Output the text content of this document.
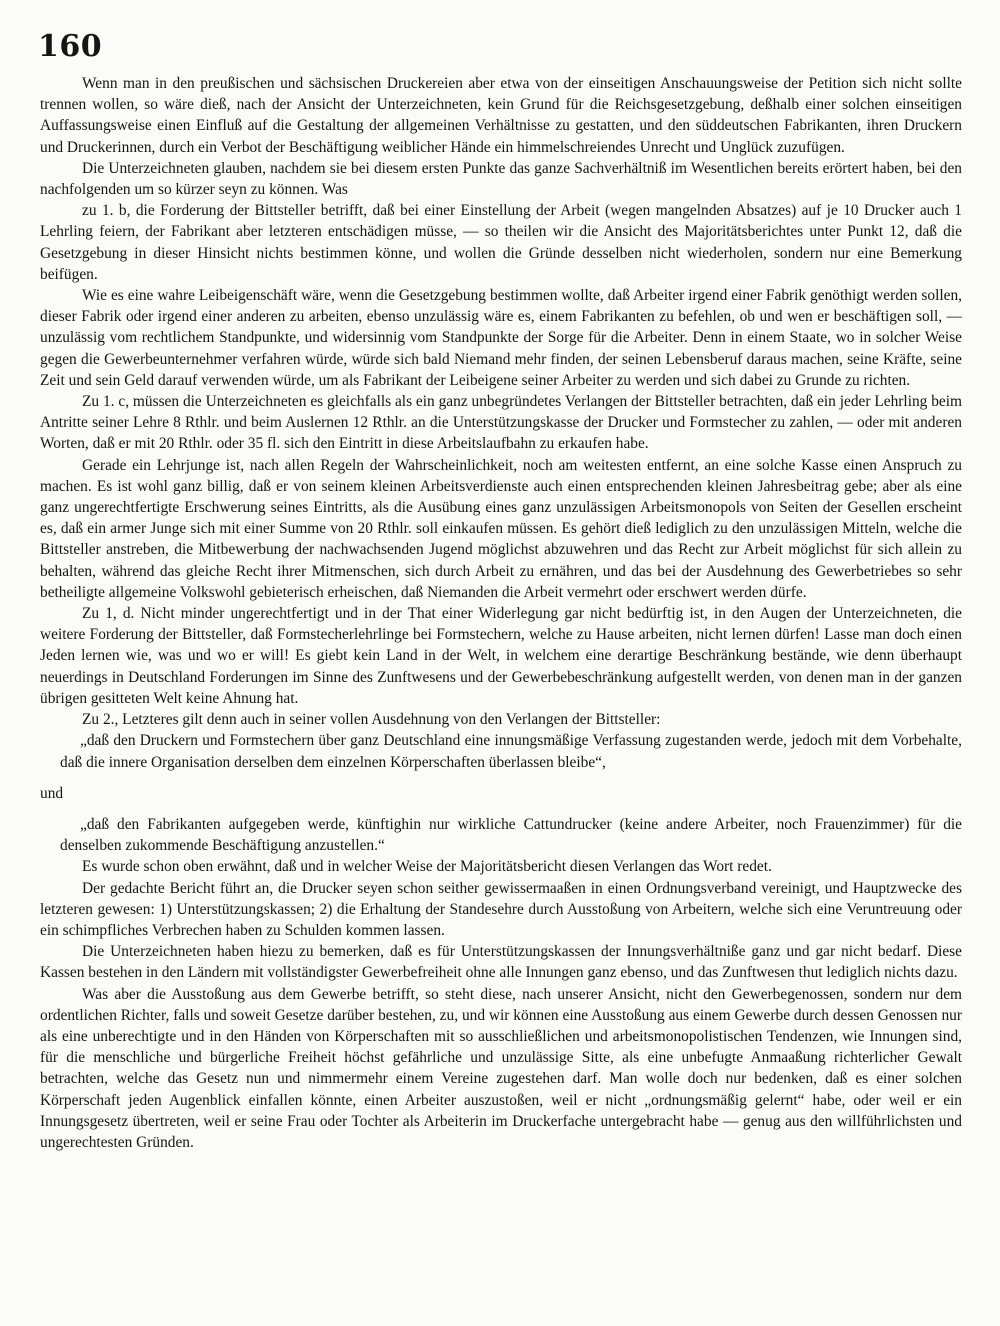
160

Wenn man in den preußischen und sächsischen Druckereien aber etwa von der einseitigen Anschauungsweise der Petition sich nicht sollte trennen wollen, so wäre dieß, nach der Ansicht der Unterzeichneten, kein Grund für die Reichsgesetzgebung, deßhalb einer solchen einseitigen Auffassungsweise einen Einfluß auf die Gestaltung der allgemeinen Verhältnisse zu gestatten, und den süddeutschen Fabrikanten, ihren Druckern und Druckerinnen, durch ein Verbot der Beschäftigung weiblicher Hände ein himmelschreiendes Unrecht und Unglück zuzufügen.

Die Unterzeichneten glauben, nachdem sie bei diesem ersten Punkte das ganze Sachverhältniß im Wesentlichen bereits erörtert haben, bei den nachfolgenden um so kürzer seyn zu können. Was

zu 1. b, die Forderung der Bittsteller betrifft, daß bei einer Einstellung der Arbeit (wegen mangelnden Absatzes) auf je 10 Drucker auch 1 Lehrling feiern, der Fabrikant aber letzteren entschädigen müsse, — so theilen wir die Ansicht des Majoritätsberichtes unter Punkt 12, daß die Gesetzgebung in dieser Hinsicht nichts bestimmen könne, und wollen die Gründe desselben nicht wiederholen, sondern nur eine Bemerkung beifügen.

Wie es eine wahre Leibeigenschäft wäre, wenn die Gesetzgebung bestimmen wollte, daß Arbeiter irgend einer Fabrik genöthigt werden sollen, dieser Fabrik oder irgend einer anderen zu arbeiten, ebenso unzulässig wäre es, einem Fabrikanten zu befehlen, ob und wen er beschäftigen soll, — unzulässig vom rechtlichem Standpunkte, und widersinnig vom Standpunkte der Sorge für die Arbeiter. Denn in einem Staate, wo in solcher Weise gegen die Gewerbeunternehmer verfahren würde, würde sich bald Niemand mehr finden, der seinen Lebensberuf daraus machen, seine Kräfte, seine Zeit und sein Geld darauf verwenden würde, um als Fabrikant der Leibeigene seiner Arbeiter zu werden und sich dabei zu Grunde zu richten.

Zu 1. c, müssen die Unterzeichneten es gleichfalls als ein ganz unbegründetes Verlangen der Bittsteller betrachten, daß ein jeder Lehrling beim Antritte seiner Lehre 8 Rthlr. und beim Auslernen 12 Rthlr. an die Unterstützungskasse der Drucker und Formstecher zu zahlen, — oder mit anderen Worten, daß er mit 20 Rthlr. oder 35 fl. sich den Eintritt in diese Arbeitslaufbahn zu erkaufen habe.

Gerade ein Lehrjunge ist, nach allen Regeln der Wahrscheinlichkeit, noch am weitesten entfernt, an eine solche Kasse einen Anspruch zu machen. Es ist wohl ganz billig, daß er von seinem kleinen Arbeitsverdienste auch einen entsprechenden kleinen Jahresbeitrag gebe; aber als eine ganz ungerechtfertigte Erschwerung seines Eintritts, als die Ausübung eines ganz unzulässigen Arbeitsmonopols von Seiten der Gesellen erscheint es, daß ein armer Junge sich mit einer Summe von 20 Rthlr. soll einkaufen müssen. Es gehört dieß lediglich zu den unzulässigen Mitteln, welche die Bittsteller anstreben, die Mitbewerbung der nachwachsenden Jugend möglichst abzuwehren und das Recht zur Arbeit möglichst für sich allein zu behalten, während das gleiche Recht ihrer Mitmenschen, sich durch Arbeit zu ernähren, und das bei der Ausdehnung des Gewerbetriebes so sehr betheiligte allgemeine Volkswohl gebieterisch erheischen, daß Niemanden die Arbeit vermehrt oder erschwert werden dürfe.

Zu 1, d. Nicht minder ungerechtfertigt und in der That einer Widerlegung gar nicht bedürftig ist, in den Augen der Unterzeichneten, die weitere Forderung der Bittsteller, daß Formstecherlehrlinge bei Formstechern, welche zu Hause arbeiten, nicht lernen dürfen! Lasse man doch einen Jeden lernen wie, was und wo er will! Es giebt kein Land in der Welt, in welchem eine derartige Beschränkung bestände, wie denn überhaupt neuerdings in Deutschland Forderungen im Sinne des Zunftwesens und der Gewerbebeschränkung aufgestellt werden, von denen man in der ganzen übrigen gesitteten Welt keine Ahnung hat.

Zu 2., Letzteres gilt denn auch in seiner vollen Ausdehnung von den Verlangen der Bittsteller:

„daß den Druckern und Formstechern über ganz Deutschland eine innungsmäßige Verfassung zugestanden werde, jedoch mit dem Vorbehalte, daß die innere Organisation derselben dem einzelnen Körperschaften überlassen bleibe“,

und

„daß den Fabrikanten aufgegeben werde, künftighin nur wirkliche Cattundrucker (keine andere Arbeiter, noch Frauenzimmer) für die denselben zukommende Beschäftigung anzustellen.“

Es wurde schon oben erwähnt, daß und in welcher Weise der Majoritätsbericht diesen Verlangen das Wort redet.

Der gedachte Bericht führt an, die Drucker seyen schon seither gewissermaaßen in einen Ordnungsverband vereinigt, und Hauptzwecke des letzteren gewesen: 1) Unterstützungskassen; 2) die Erhaltung der Standesehre durch Ausstoßung von Arbeitern, welche sich eine Veruntreuung oder ein schimpfliches Verbrechen haben zu Schulden kommen lassen.

Die Unterzeichneten haben hiezu zu bemerken, daß es für Unterstützungskassen der Innungsverhältniße ganz und gar nicht bedarf. Diese Kassen bestehen in den Ländern mit vollständigster Gewerbefreiheit ohne alle Innungen ganz ebenso, und das Zunftwesen thut lediglich nichts dazu.

Was aber die Ausstoßung aus dem Gewerbe betrifft, so steht diese, nach unserer Ansicht, nicht den Gewerbegenossen, sondern nur dem ordentlichen Richter, falls und soweit Gesetze darüber bestehen, zu, und wir können eine Ausstoßung aus einem Gewerbe durch dessen Genossen nur als eine unberechtigte und in den Händen von Körperschaften mit so ausschließlichen und arbeitsmonopolistischen Tendenzen, wie Innungen sind, für die menschliche und bürgerliche Freiheit höchst gefährliche und unzulässige Sitte, als eine unbefugte Anmaaßung richterlicher Gewalt betrachten, welche das Gesetz nun und nimmermehr einem Vereine zugestehen darf. Man wolle doch nur bedenken, daß es einer solchen Körperschaft jeden Augenblick einfallen könnte, einen Arbeiter auszustoßen, weil er nicht „ordnungsmäßig gelernt“ habe, oder weil er ein Innungsgesetz übertreten, weil er seine Frau oder Tochter als Arbeiterin im Druckerfache untergebracht habe — genug aus den willführlichsten und ungerechtesten Gründen.
